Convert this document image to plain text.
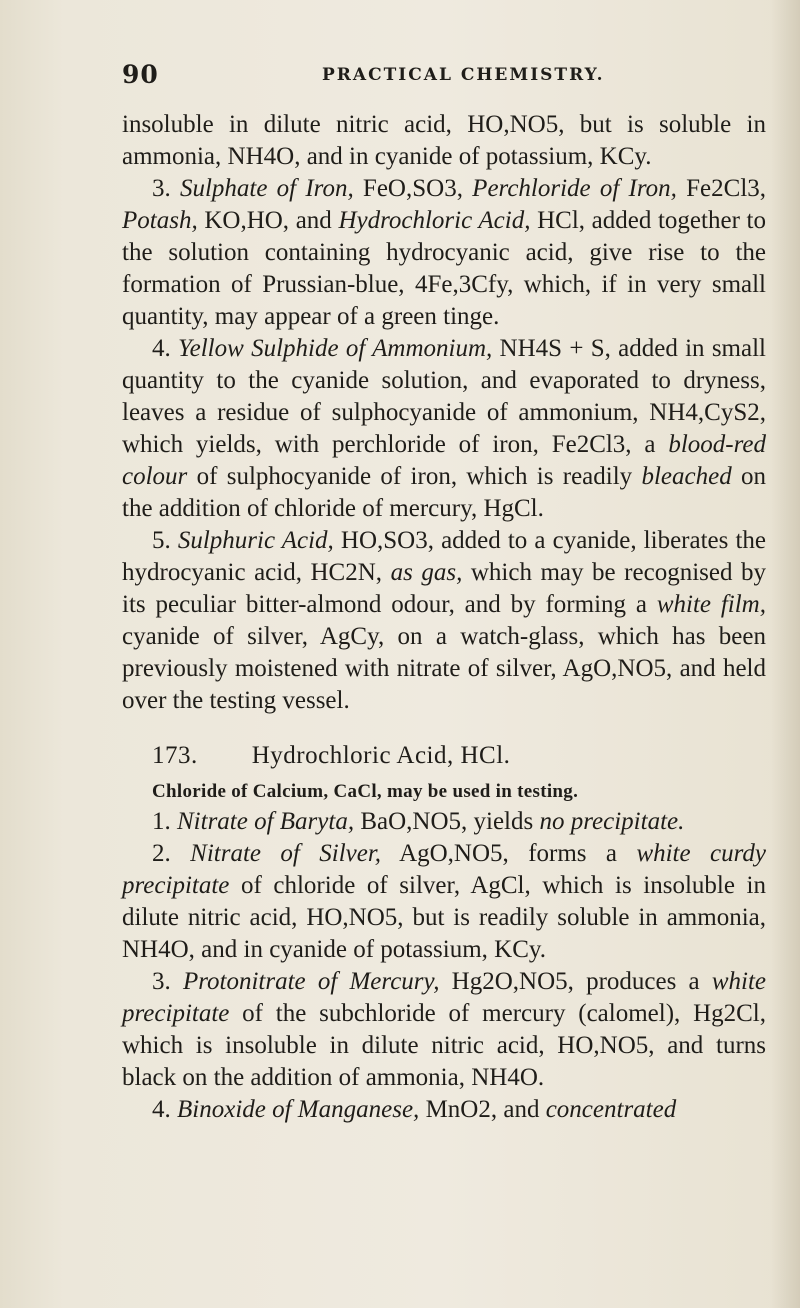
90	PRACTICAL CHEMISTRY.

insoluble in dilute nitric acid, HO,NO5, but is soluble in ammonia, NH4O, and in cyanide of potassium, KCy.

3. Sulphate of Iron, FeO,SO3, Perchloride of Iron, Fe2Cl3, Potash, KO,HO, and Hydrochloric Acid, HCl, added together to the solution containing hydrocyanic acid, give rise to the formation of Prussian-blue, 4Fe,3Cfy, which, if in very small quantity, may appear of a green tinge.

4. Yellow Sulphide of Ammonium, NH4S + S, added in small quantity to the cyanide solution, and evaporated to dryness, leaves a residue of sulphocyanide of ammonium, NH4,CyS2, which yields, with perchloride of iron, Fe2Cl3, a blood-red colour of sulphocyanide of iron, which is readily bleached on the addition of chloride of mercury, HgCl.

5. Sulphuric Acid, HO,SO3, added to a cyanide, liberates the hydrocyanic acid, HC2N, as gas, which may be recognised by its peculiar bitter-almond odour, and by forming a white film, cyanide of silver, AgCy, on a watch-glass, which has been previously moistened with nitrate of silver, AgO,NO5, and held over the testing vessel.

173.        Hydrochloric Acid, HCl.

Chloride of Calcium, CaCl, may be used in testing.

1. Nitrate of Baryta, BaO,NO5, yields no precipitate.

2. Nitrate of Silver, AgO,NO5, forms a white curdy precipitate of chloride of silver, AgCl, which is insoluble in dilute nitric acid, HO,NO5, but is readily soluble in ammonia, NH4O, and in cyanide of potassium, KCy.

3. Protonitrate of Mercury, Hg2O,NO5, produces a white precipitate of the subchloride of mercury (calomel), Hg2Cl, which is insoluble in dilute nitric acid, HO,NO5, and turns black on the addition of ammonia, NH4O.

4. Binoxide of Manganese, MnO2, and concentrated
